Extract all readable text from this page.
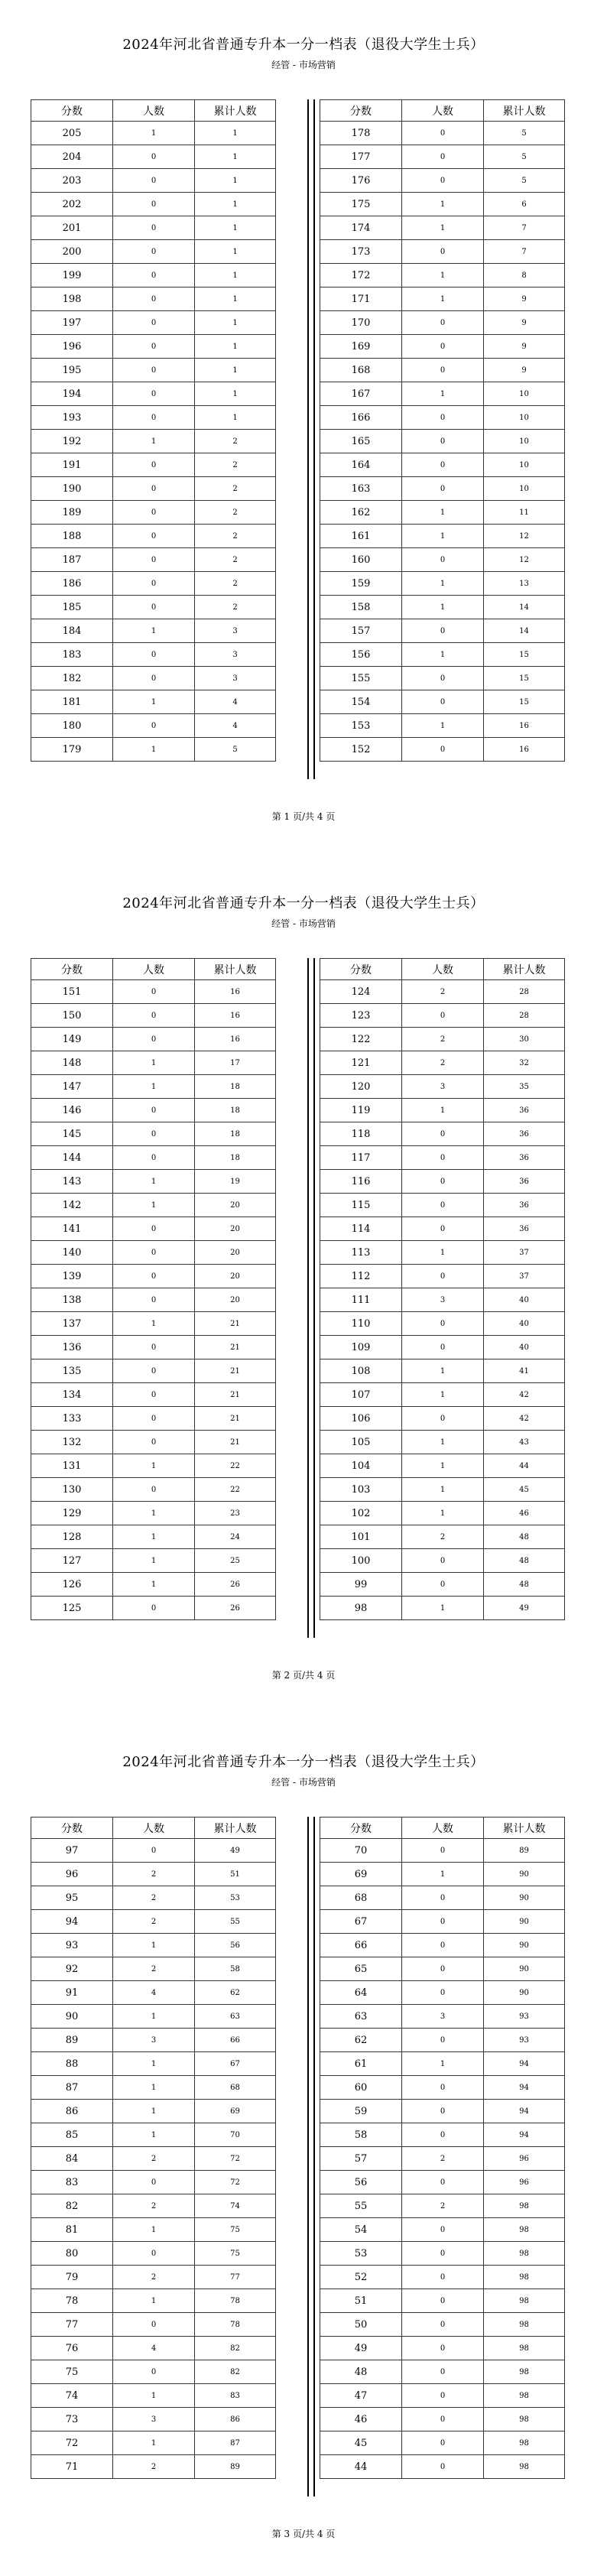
2024年河北省普通专升本一分一档表（退役大学生士兵）
经管 - 市场营销
分数	人数	累计人数
205	1	1
204	0	1
203	0	1
202	0	1
201	0	1
200	0	1
199	0	1
198	0	1
197	0	1
196	0	1
195	0	1
194	0	1
193	0	1
192	1	2
191	0	2
190	0	2
189	0	2
188	0	2
187	0	2
186	0	2
185	0	2
184	1	3
183	0	3
182	0	3
181	1	4
180	0	4
179	1	5
分数	人数	累计人数
178	0	5
177	0	5
176	0	5
175	1	6
174	1	7
173	0	7
172	1	8
171	1	9
170	0	9
169	0	9
168	0	9
167	1	10
166	0	10
165	0	10
164	0	10
163	0	10
162	1	11
161	1	12
160	0	12
159	1	13
158	1	14
157	0	14
156	1	15
155	0	15
154	0	15
153	1	16
152	0	16
第 1 页/共 4 页
2024年河北省普通专升本一分一档表（退役大学生士兵）
经管 - 市场营销
分数	人数	累计人数
151	0	16
150	0	16
149	0	16
148	1	17
147	1	18
146	0	18
145	0	18
144	0	18
143	1	19
142	1	20
141	0	20
140	0	20
139	0	20
138	0	20
137	1	21
136	0	21
135	0	21
134	0	21
133	0	21
132	0	21
131	1	22
130	0	22
129	1	23
128	1	24
127	1	25
126	1	26
125	0	26
分数	人数	累计人数
124	2	28
123	0	28
122	2	30
121	2	32
120	3	35
119	1	36
118	0	36
117	0	36
116	0	36
115	0	36
114	0	36
113	1	37
112	0	37
111	3	40
110	0	40
109	0	40
108	1	41
107	1	42
106	0	42
105	1	43
104	1	44
103	1	45
102	1	46
101	2	48
100	0	48
99	0	48
98	1	49
第 2 页/共 4 页
2024年河北省普通专升本一分一档表（退役大学生士兵）
经管 - 市场营销
分数	人数	累计人数
97	0	49
96	2	51
95	2	53
94	2	55
93	1	56
92	2	58
91	4	62
90	1	63
89	3	66
88	1	67
87	1	68
86	1	69
85	1	70
84	2	72
83	0	72
82	2	74
81	1	75
80	0	75
79	2	77
78	1	78
77	0	78
76	4	82
75	0	82
74	1	83
73	3	86
72	1	87
71	2	89
分数	人数	累计人数
70	0	89
69	1	90
68	0	90
67	0	90
66	0	90
65	0	90
64	0	90
63	3	93
62	0	93
61	1	94
60	0	94
59	0	94
58	0	94
57	2	96
56	0	96
55	2	98
54	0	98
53	0	98
52	0	98
51	0	98
50	0	98
49	0	98
48	0	98
47	0	98
46	0	98
45	0	98
44	0	98
第 3 页/共 4 页
